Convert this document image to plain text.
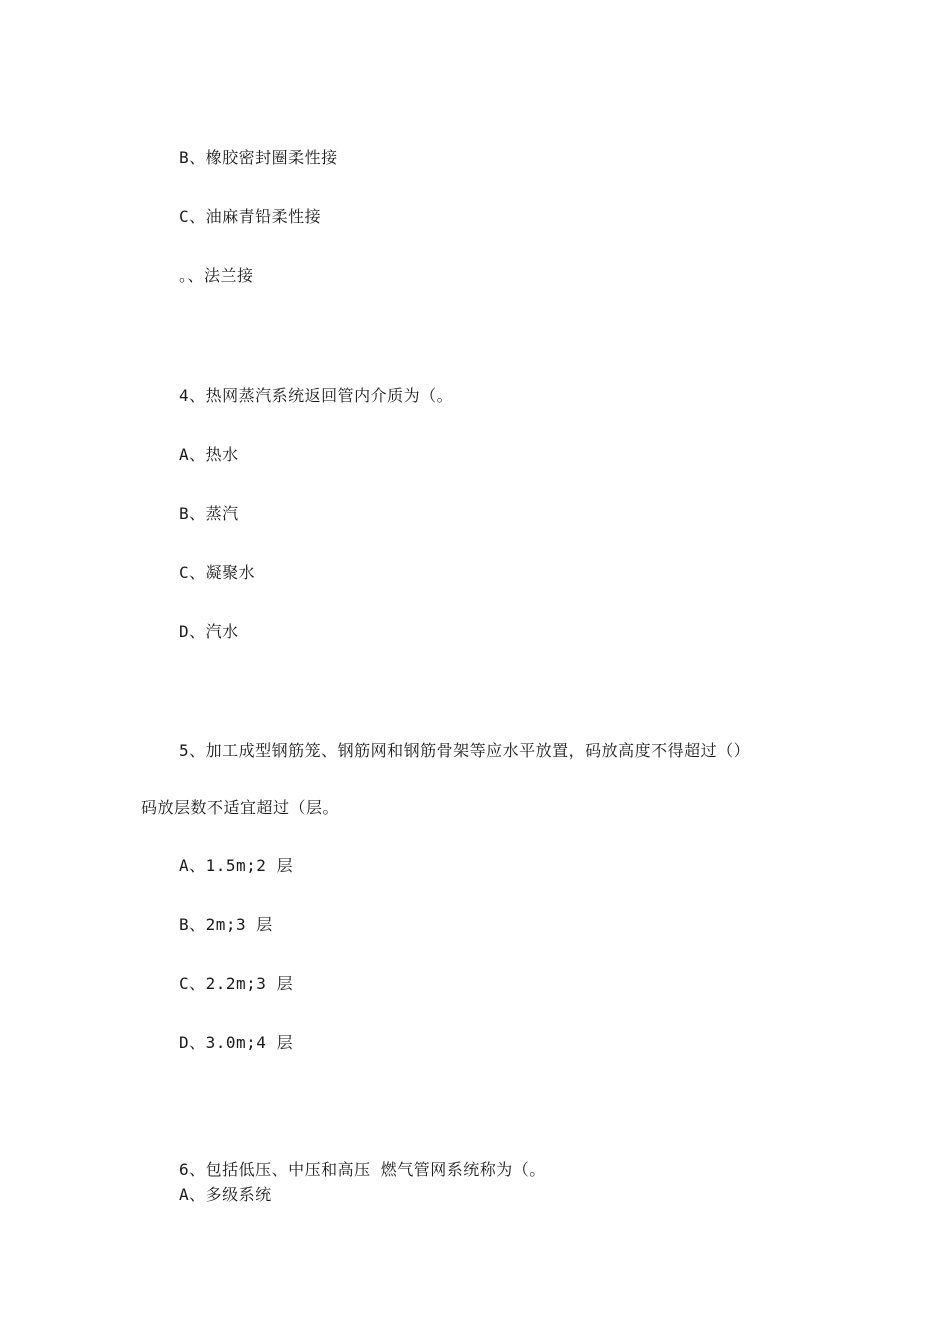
B、橡胶密封圈柔性接
C、油麻青铅柔性接
。、法兰接
4、热网蒸汽系统返回管内介质为（。
A、热水
B、蒸汽
C、凝聚水
D、汽水
5、加工成型钢筋笼、钢筋网和钢筋骨架等应水平放置，码放高度不得超过（）
码放层数不适宜超过（层。
A、1.5m;2 层
B、2m;3 层
C、2.2m;3 层
D、3.0m;4 层
6、包括低压、中压和高压 燃气管网系统称为（。
A、多级系统
